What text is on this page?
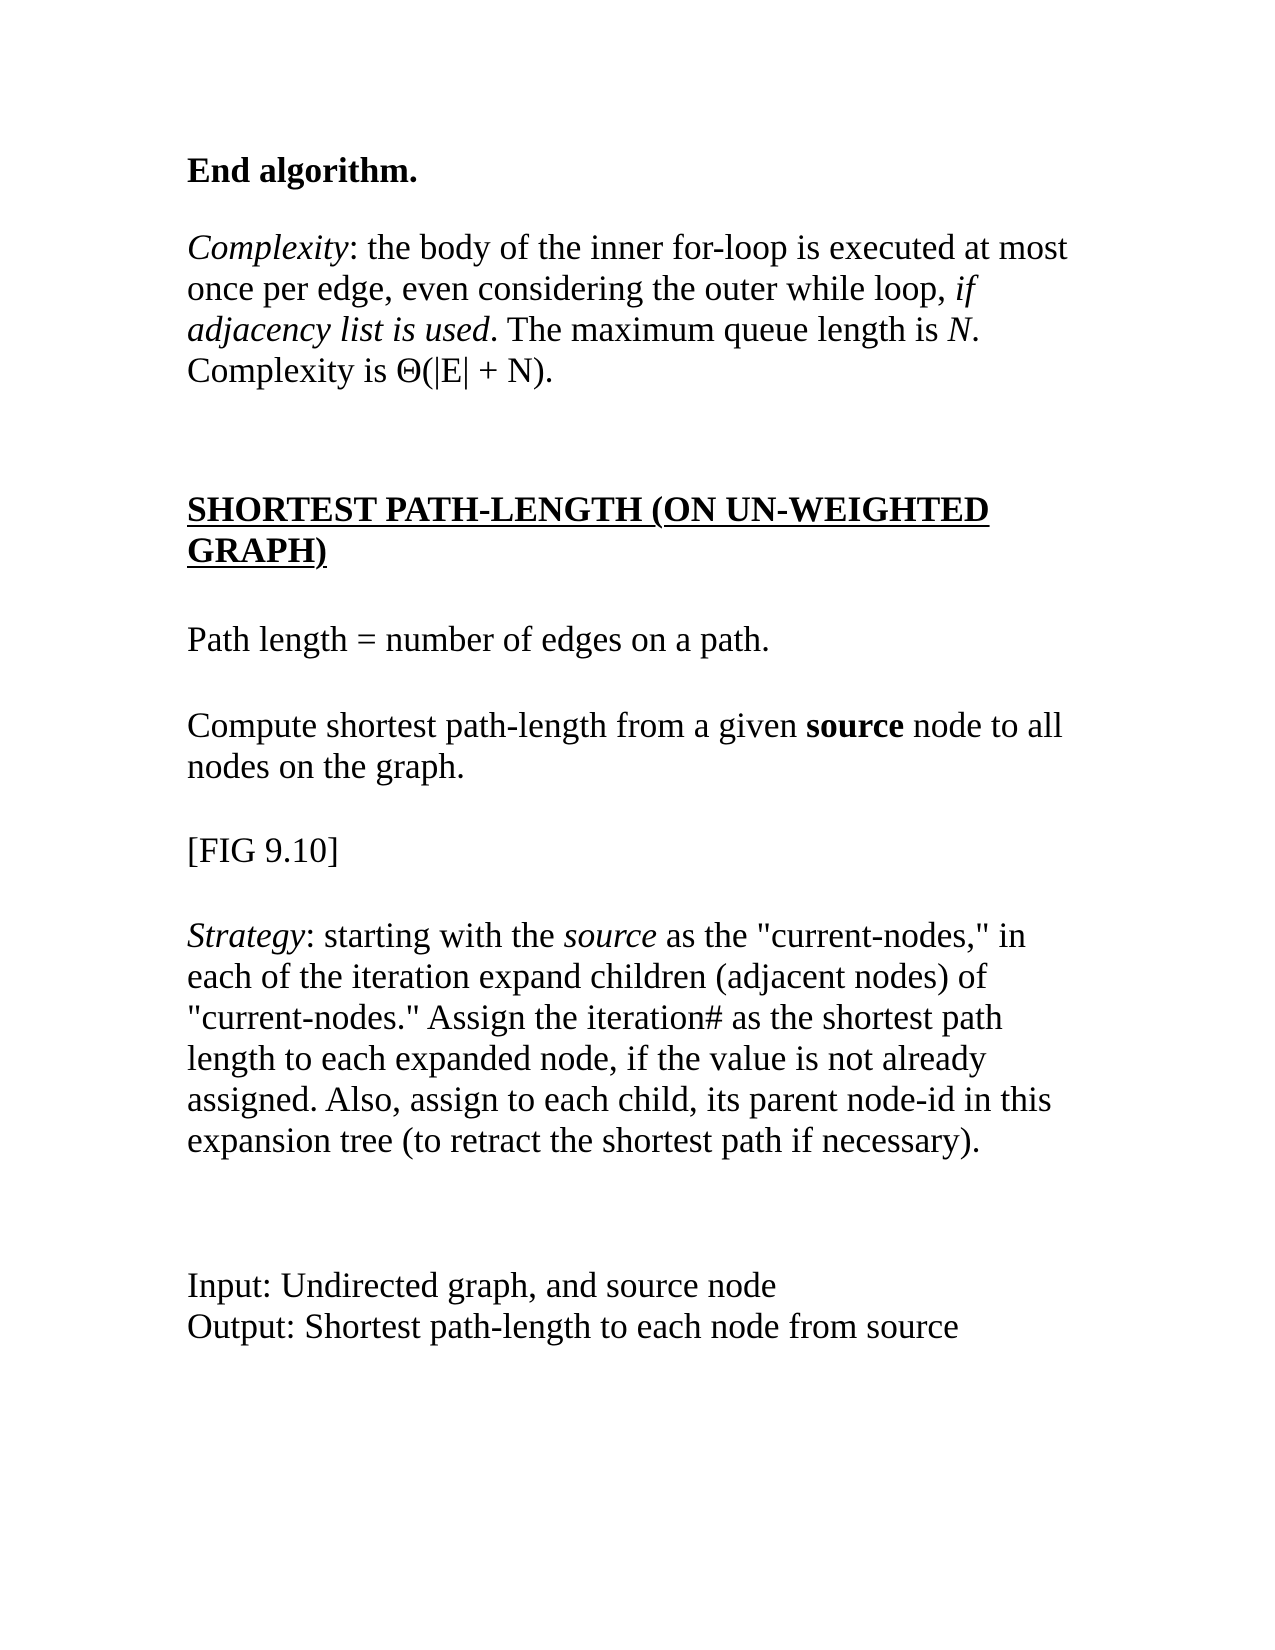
End algorithm.

Complexity: the body of the inner for-loop is executed at most once per edge, even considering the outer while loop, if adjacency list is used. The maximum queue length is N. Complexity is Θ(|E| + N).

SHORTEST PATH-LENGTH (ON UN-WEIGHTED GRAPH)

Path length = number of edges on a path.

Compute shortest path-length from a given source node to all nodes on the graph.

[FIG 9.10]

Strategy: starting with the source as the "current-nodes," in each of the iteration expand children (adjacent nodes) of "current-nodes." Assign the iteration# as the shortest path length to each expanded node, if the value is not already assigned. Also, assign to each child, its parent node-id in this expansion tree (to retract the shortest path if necessary).

Input: Undirected graph, and source node
Output: Shortest path-length to each node from source
